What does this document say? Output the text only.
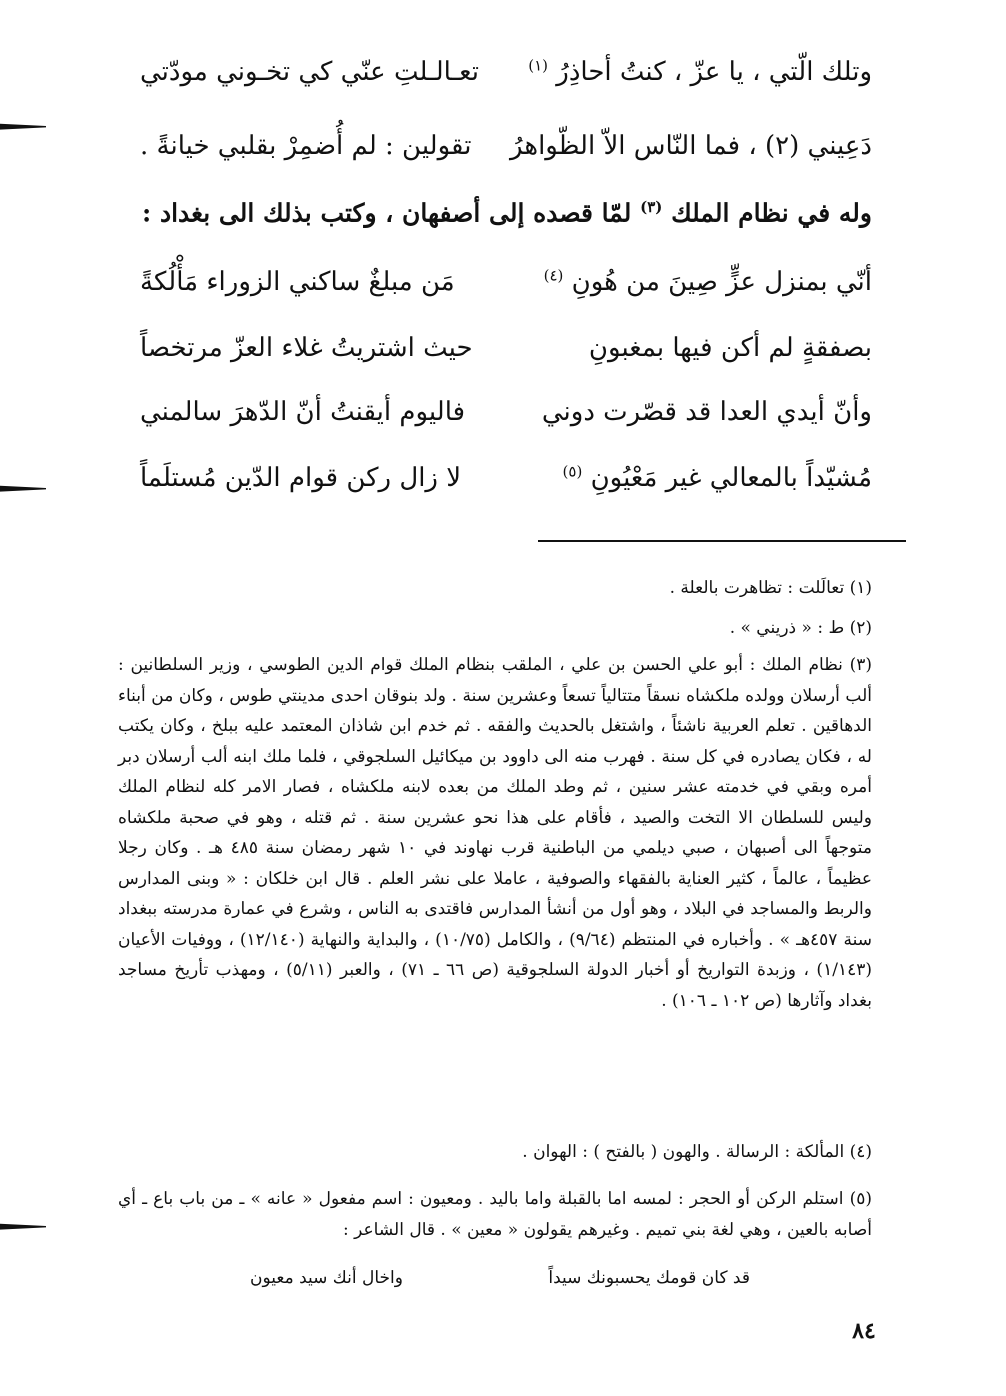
تعـالـلتِ عنّي كي تخـوني مودّتي	وتلك الّتي ، يا عزّ ، كنتُ أحاذِرُ $^{(١)}$
تقولين : لم أُضمِرْ بقلبي خيانةً . دَعِيني (٢) ، فما النّاس الاّ الظّواهرُ
وله في نظام الملك $^{(٣)}$ لمّا قصده إلى أصفهان ، وكتب بذلك الى بغداد :
مَن مبلغٌ ساكني الزوراء مَأْلُكةً	أنّي بمنزل عزٍّ صِينَ من هُونِ $^{(٤)}$
حيث اشتريتُ غلاء العزّ مرتخصاً	بصفقةٍ لم أكن فيها بمغبونِ
فاليوم أيقنتُ أنّ الدّهرَ سالمني	وأنّ أيدي العدا قد قصّرت دوني
لا زال ركن قوام الدّين مُستلَماً	مُشيّداً بالمعالي غير مَعْيُونِ $^{(٥)}$
(١) تعالَلت : تظاهرت بالعلة .
(٢) ط : « ذريني » .
(٣) نظام الملك : أبو علي الحسن بن علي ، الملقب بنظام الملك قوام الدين الطوسي ، وزير السلطانين : ألب أرسلان وولده ملكشاه نسقاً متتالياً تسعاً وعشرين سنة . ولد بنوقان احدى مدينتي طوس ، وكان من أبناء الدهاقين . تعلم العربية ناشئاً ، واشتغل بالحديث والفقه . ثم خدم ابن شاذان المعتمد عليه ببلخ ، وكان يكتب له ، فكان يصادره في كل سنة . فهرب منه الى داوود بن ميكائيل السلجوقي ، فلما ملك ابنه ألب أرسلان دبر أمره وبقي في خدمته عشر سنين ، ثم وطد الملك من بعده لابنه ملكشاه ، فصار الامر كله لنظام الملك وليس للسلطان الا التخت والصيد ، فأقام على هذا نحو عشرين سنة . ثم قتله ، وهو في صحبة ملكشاه متوجهاً الى أصبهان ، صبي ديلمي من الباطنية قرب نهاوند في ١٠ شهر رمضان سنة ٤٨٥ هـ . وكان رجلا عظيماً ، عالماً ، كثير العناية بالفقهاء والصوفية ، عاملا على نشر العلم . قال ابن خلكان : « وبنى المدارس والربط والمساجد في البلاد ، وهو أول من أنشأ المدارس فاقتدى به الناس ، وشرع في عمارة مدرسته ببغداد سنة ٤٥٧هـ » . وأخباره في المنتظم (٩/٦٤) ، والكامل (١٠/٧٥) ، والبداية والنهاية (١٢/١٤٠) ، ووفيات الأعيان (١/١٤٣) ، وزبدة التواريخ أو أخبار الدولة السلجوقية (ص ٦٦ ـ ٧١) ، والعبر (٥/١١) ، ومهذب تأريخ مساجد بغداد وآثارها (ص ١٠٢ ـ ١٠٦) .
(٤) المألكة : الرسالة . والهون ( بالفتح ) : الهوان .
(٥) استلم الركن أو الحجر : لمسه اما بالقبلة واما باليد . ومعيون : اسم مفعول « عانه » ـ من باب باع ـ أي أصابه بالعين ، وهي لغة بني تميم . وغيرهم يقولون « معين » . قال الشاعر :
قد كان قومك يحسبونك سيداً
واخال أنك سيد معيون
٨٤
